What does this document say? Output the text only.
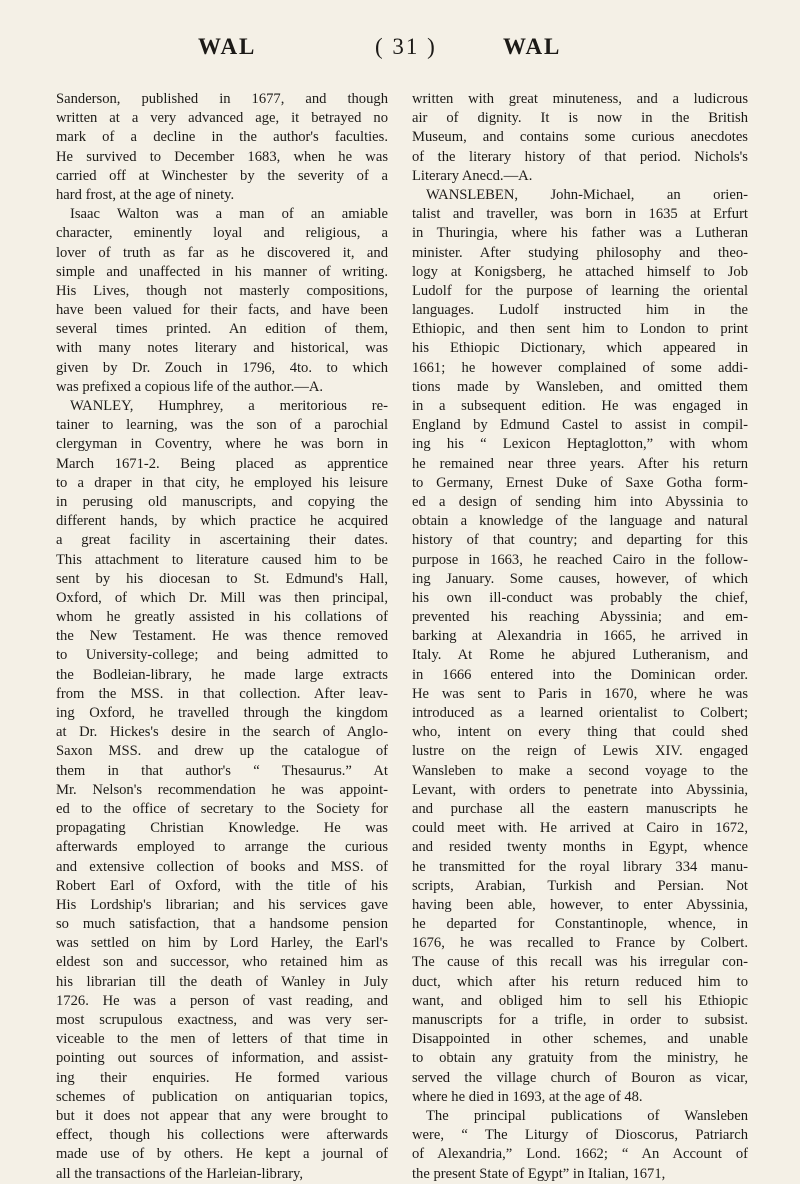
WAL	( 31 )	WAL
Sanderson, published in 1677, and though
written at a very advanced age, it betrayed no
mark of a decline in the author's faculties.
He survived to December 1683, when he was
carried off at Winchester by the severity of a
hard frost, at the age of ninety.
Isaac Walton was a man of an amiable
character, eminently loyal and religious, a
lover of truth as far as he discovered it, and
simple and unaffected in his manner of writing.
His Lives, though not masterly compositions,
have been valued for their facts, and have been
several times printed. An edition of them,
with many notes literary and historical, was
given by Dr. Zouch in 1796, 4to. to which
was prefixed a copious life of the author.—A.
WANLEY, Humphrey, a meritorious re-
tainer to learning, was the son of a parochial
clergyman in Coventry, where he was born in
March 1671-2. Being placed as apprentice
to a draper in that city, he employed his leisure
in perusing old manuscripts, and copying the
different hands, by which practice he acquired
a great facility in ascertaining their dates.
This attachment to literature caused him to be
sent by his diocesan to St. Edmund's Hall,
Oxford, of which Dr. Mill was then principal,
whom he greatly assisted in his collations of
the New Testament. He was thence removed
to University-college; and being admitted to
the Bodleian-library, he made large extracts
from the MSS. in that collection. After leav-
ing Oxford, he travelled through the kingdom
at Dr. Hickes's desire in the search of Anglo-
Saxon MSS. and drew up the catalogue of
them in that author's “ Thesaurus.” At
Mr. Nelson's recommendation he was appoint-
ed to the office of secretary to the Society for
propagating Christian Knowledge. He was
afterwards employed to arrange the curious
and extensive collection of books and MSS. of
Robert Earl of Oxford, with the title of his
His Lordship's librarian; and his services gave
so much satisfaction, that a handsome pension
was settled on him by Lord Harley, the Earl's
eldest son and successor, who retained him as
his librarian till the death of Wanley in July
1726. He was a person of vast reading, and
most scrupulous exactness, and was very ser-
viceable to the men of letters of that time in
pointing out sources of information, and assist-
ing their enquiries. He formed various
schemes of publication on antiquarian topics,
but it does not appear that any were brought to
effect, though his collections were afterwards
made use of by others. He kept a journal of
all the transactions of the Harleian-library,
written with great minuteness, and a ludicrous
air of dignity. It is now in the British
Museum, and contains some curious anecdotes
of the literary history of that period. Nichols's
Literary Anecd.—A.
WANSLEBEN, John-Michael, an orien-
talist and traveller, was born in 1635 at Erfurt
in Thuringia, where his father was a Lutheran
minister. After studying philosophy and theo-
logy at Konigsberg, he attached himself to Job
Ludolf for the purpose of learning the oriental
languages. Ludolf instructed him in the
Ethiopic, and then sent him to London to print
his Ethiopic Dictionary, which appeared in
1661; he however complained of some addi-
tions made by Wansleben, and omitted them
in a subsequent edition. He was engaged in
England by Edmund Castel to assist in compil-
ing his “ Lexicon Heptaglotton,” with whom
he remained near three years. After his return
to Germany, Ernest Duke of Saxe Gotha form-
ed a design of sending him into Abyssinia to
obtain a knowledge of the language and natural
history of that country; and departing for this
purpose in 1663, he reached Cairo in the follow-
ing January. Some causes, however, of which
his own ill-conduct was probably the chief,
prevented his reaching Abyssinia; and em-
barking at Alexandria in 1665, he arrived in
Italy. At Rome he abjured Lutheranism, and
in 1666 entered into the Dominican order.
He was sent to Paris in 1670, where he was
introduced as a learned orientalist to Colbert;
who, intent on every thing that could shed
lustre on the reign of Lewis XIV. engaged
Wansleben to make a second voyage to the
Levant, with orders to penetrate into Abyssinia,
and purchase all the eastern manuscripts he
could meet with. He arrived at Cairo in 1672,
and resided twenty months in Egypt, whence
he transmitted for the royal library 334 manu-
scripts, Arabian, Turkish and Persian. Not
having been able, however, to enter Abyssinia,
he departed for Constantinople, whence, in
1676, he was recalled to France by Colbert.
The cause of this recall was his irregular con-
duct, which after his return reduced him to
want, and obliged him to sell his Ethiopic
manuscripts for a trifle, in order to subsist.
Disappointed in other schemes, and unable
to obtain any gratuity from the ministry, he
served the village church of Bouron as vicar,
where he died in 1693, at the age of 48.
The principal publications of Wansleben
were, “ The Liturgy of Dioscorus, Patriarch
of Alexandria,” Lond. 1662; “ An Account of
the present State of Egypt” in Italian, 1671,
